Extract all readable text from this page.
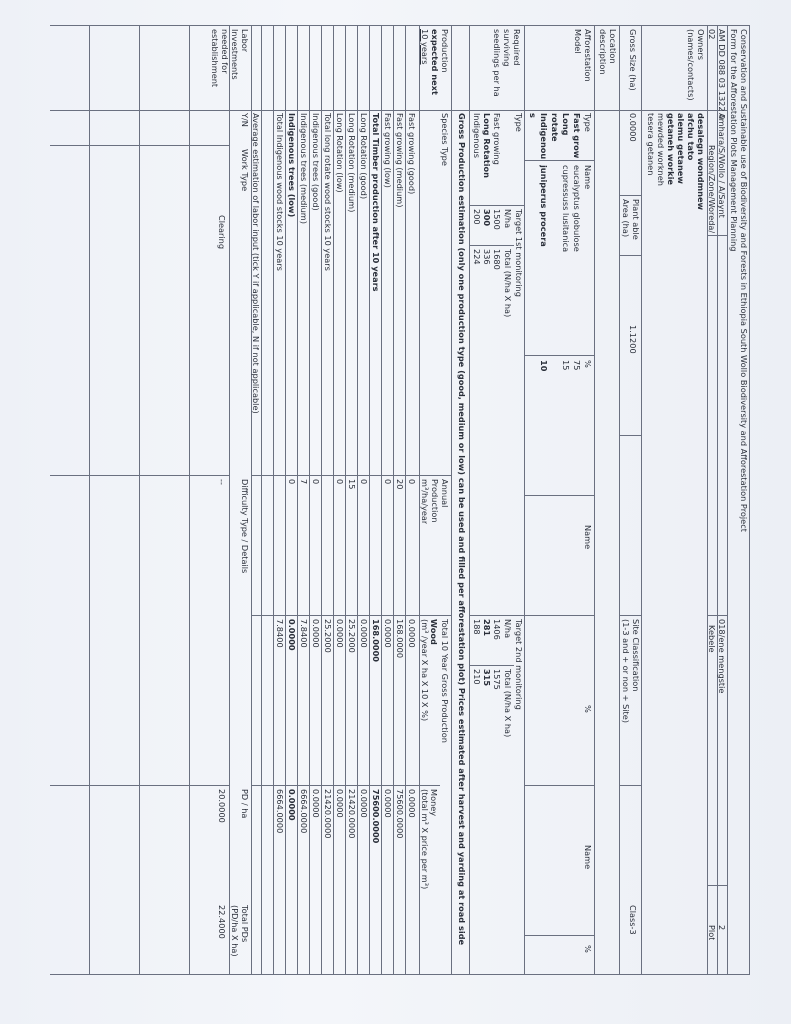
Conservation and Sustainable use of Biodiversity and Forests in Ethiopia South Wollo Biodiversity and Afforestation Project
Form for the Afforestation Plots Management Planning
AM DD 088 03 1322 0
Amhara/S/Wollo / A/Saynt
018/ene mengstie
2
02
Region/Zone/Woreda/
Kebele
Plot
Owners
(names/contacts)
desalegn wondmnew
afchu tato
alemu getanew
getaneh workie
mewded workneh
tesera getanen
Gross Size (ha)
0.0000
Plant able
Area (ha)
1.1200
Site Classification
(1-3 and + or non + Site)
Class-3
Location
description
Afforestation
Model
Type
Name
%
Name
%
Name
%
Fast grow
eucalyptus globulose
75
Long
cupressuss lusitanica
15
rotate
Indigenou
juniperus procera
10
s
Required
surviving
seedlings per ha
Type
Target 1st monitoring
Target 2nd monitoring
N/ha
Total (N/ha X ha)
N/ha
Total (N/ha X ha)
Fast growing
1500
1680
1406
1575
Long Rotation
300
336
281
315
Indigenous
200
224
188
210
Gross Production estimation (only one production type (good, medium or low) can be used and filled per afforestation plot) Prices estimated after harvest and yarding at road side
Production
expected next
10 years
Species Type
Annual
Production
m³/ha/year
Total 10 Year Gross Production
Wood
(m³ /year X ha X 10 X %)
Money
(total m³ X price per m³)
Fast growing (good)
0
0.0000
0.0000
Fast growing (medium)
20
168.0000
75600.0000
Fast growing (low)
0
0.0000
0.0000
Total Timber production after 10 years
168.0000
75600.0000
Long Rotation (good)
0
0.0000
0.0000
Long Rotation (medium)
15
25.2000
21420.0000
Long Rotation (low)
0
0.0000
0.0000
Total long rotate wood stocks 10 years
25.2000
21420.0000
Indigenous trees (good)
0
0.0000
0.0000
Indigenous trees (medium)
7
7.8400
6664.0000
Indigenous trees (low)
0
0.0000
0.0000
Total Indigenous wood stocks 10 years
7.8400
6664.0000
Average estimation of labor input (tick Y if applicable, N if not applicable)
Labor
Investments
needed for
establishment
Y/N
Work Type
Difficulty Type / Details
PD / ha
Total PDs
(PD/ha X ha)
Clearing
--
20.0000
22.4000
